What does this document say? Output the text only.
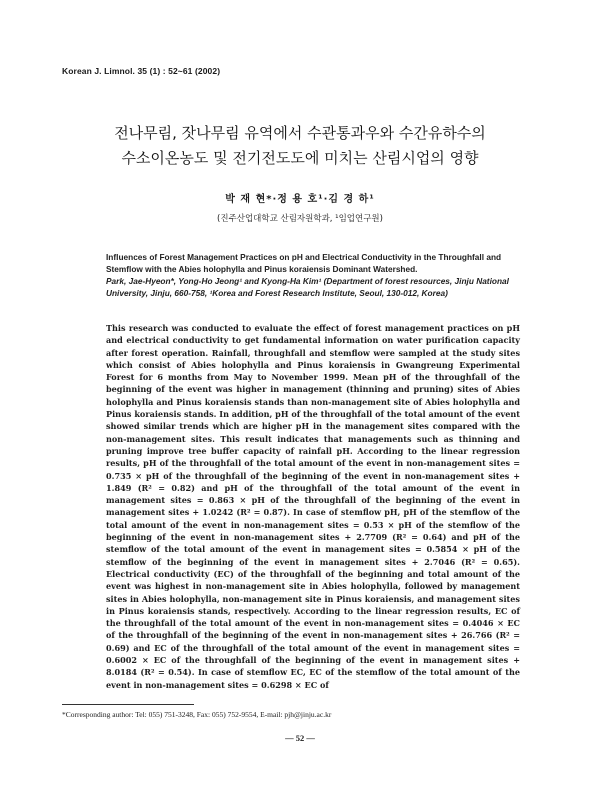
Korean J. Limnol. 35 (1) : 52~61 (2002)
전나무림, 잣나무림 유역에서 수관통과우와 수간유하수의
수소이온농도 및 전기전도도에 미치는 산림시업의 영향
박 재 현*·정 용 호¹·김 경 하¹
(진주산업대학교 산림자원학과, ¹임업연구원)
Influences of Forest Management Practices on pH and Electrical Conductivity in the Throughfall and Stemflow with the Abies holophylla and Pinus koraiensis Dominant Watershed.
Park, Jae-Hyeon*, Yong-Ho Jeong¹ and Kyong-Ha Kim¹ (Department of forest resources, Jinju National University, Jinju, 660-758, ¹Korea and Forest Research Institute, Seoul, 130-012, Korea)
This research was conducted to evaluate the effect of forest management practices on pH and electrical conductivity to get fundamental information on water purification capacity after forest operation. Rainfall, throughfall and stemflow were sampled at the study sites which consist of Abies holophylla and Pinus koraiensis in Gwangreung Experimental Forest for 6 months from May to November 1999. Mean pH of the throughfall of the beginning of the event was higher in management (thinning and pruning) sites of Abies holophylla and Pinus koraiensis stands than non-management site of Abies holophylla and Pinus koraiensis stands. In addition, pH of the throughfall of the total amount of the event showed similar trends which are higher pH in the management sites compared with the non-management sites. This result indicates that managements such as thinning and pruning improve tree buffer capacity of rainfall pH. According to the linear regression results, pH of the throughfall of the total amount of the event in non-management sites = 0.735 × pH of the throughfall of the beginning of the event in non-management sites + 1.849 (R² = 0.82) and pH of the throughfall of the total amount of the event in management sites = 0.863 × pH of the throughfall of the beginning of the event in management sites + 1.0242 (R² = 0.87). In case of stemflow pH, pH of the stemflow of the total amount of the event in non-management sites = 0.53 × pH of the stemflow of the beginning of the event in non-management sites + 2.7709 (R² = 0.64) and pH of the stemflow of the total amount of the event in management sites = 0.5854 × pH of the stemflow of the beginning of the event in management sites + 2.7046 (R² = 0.65). Electrical conductivity (EC) of the throughfall of the beginning and total amount of the event was highest in non-management site in Abies holophylla, followed by management sites in Abies holophylla, non-management site in Pinus koraiensis, and management sites in Pinus koraiensis stands, respectively. According to the linear regression results, EC of the throughfall of the total amount of the event in non-management sites = 0.4046 × EC of the throughfall of the beginning of the event in non-management sites + 26.766 (R² = 0.69) and EC of the throughfall of the total amount of the event in management sites = 0.6002 × EC of the throughfall of the beginning of the event in management sites + 8.0184 (R² = 0.54). In case of stemflow EC, EC of the stemflow of the total amount of the event in non-management sites = 0.6298 × EC of
*Corresponding author: Tel: 055) 751-3248, Fax: 055) 752-9554, E-mail: pjh@jinju.ac.kr
— 52 —
